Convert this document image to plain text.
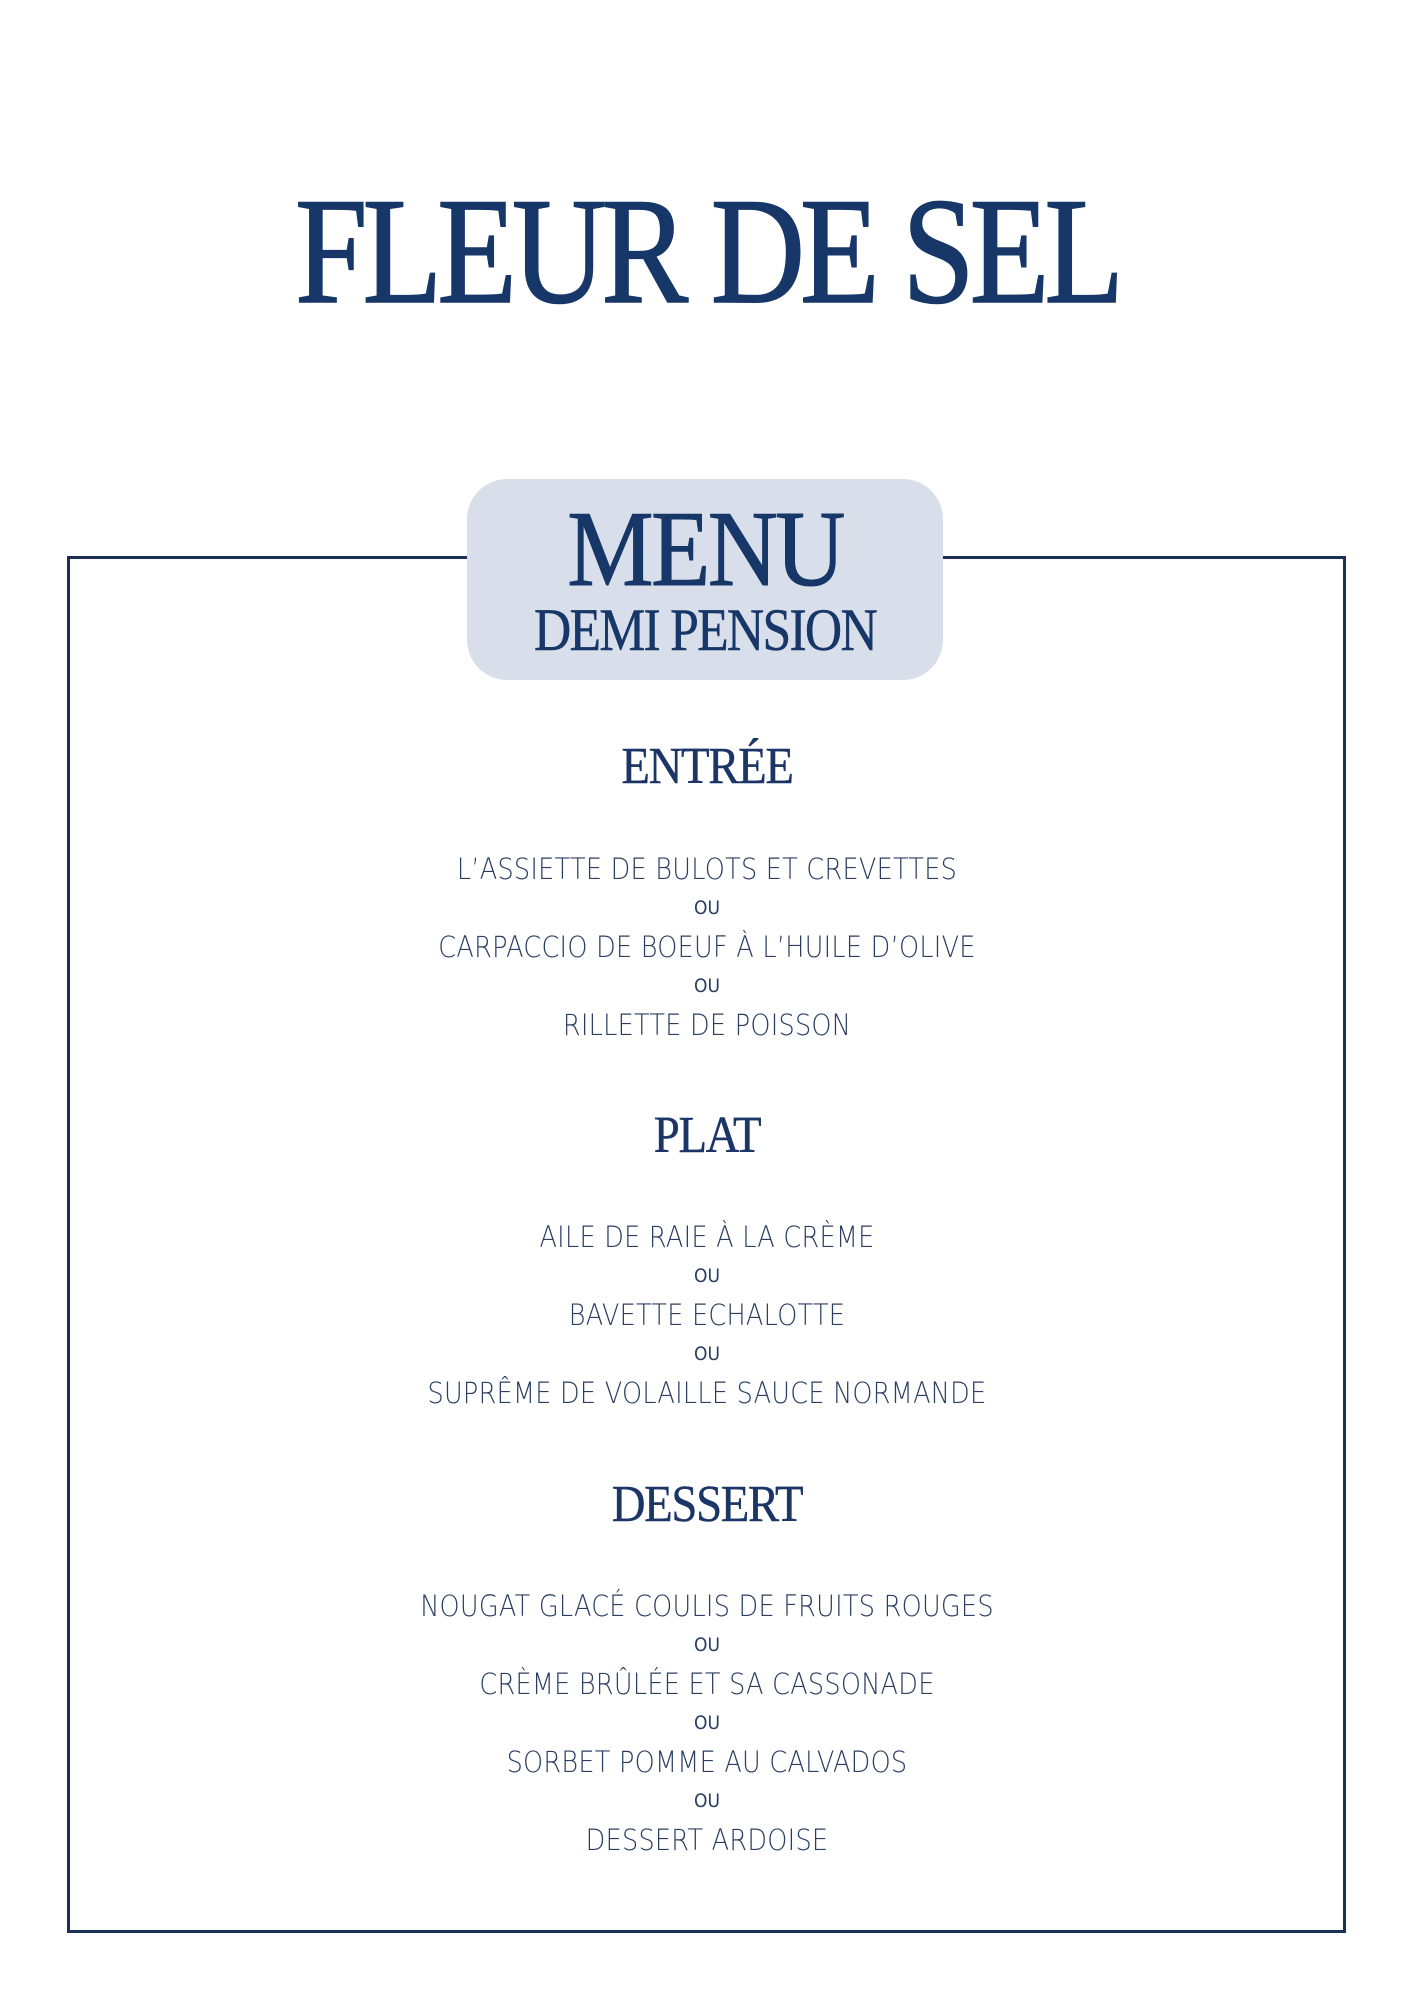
FLEUR DE SEL
MENU
DEMI PENSION
ENTRÉE
L’ASSIETTE DE BULOTS ET CREVETTES
OU
CARPACCIO DE BOEUF À L’HUILE D’OLIVE
OU
RILLETTE DE POISSON
PLAT
AILE DE RAIE À LA CRÈME
OU
BAVETTE ECHALOTTE
OU
SUPRÊME DE VOLAILLE SAUCE NORMANDE
DESSERT
NOUGAT GLACÉ COULIS DE FRUITS ROUGES
OU
CRÈME BRÛLÉE ET SA CASSONADE
OU
SORBET POMME AU CALVADOS
OU
DESSERT ARDOISE
